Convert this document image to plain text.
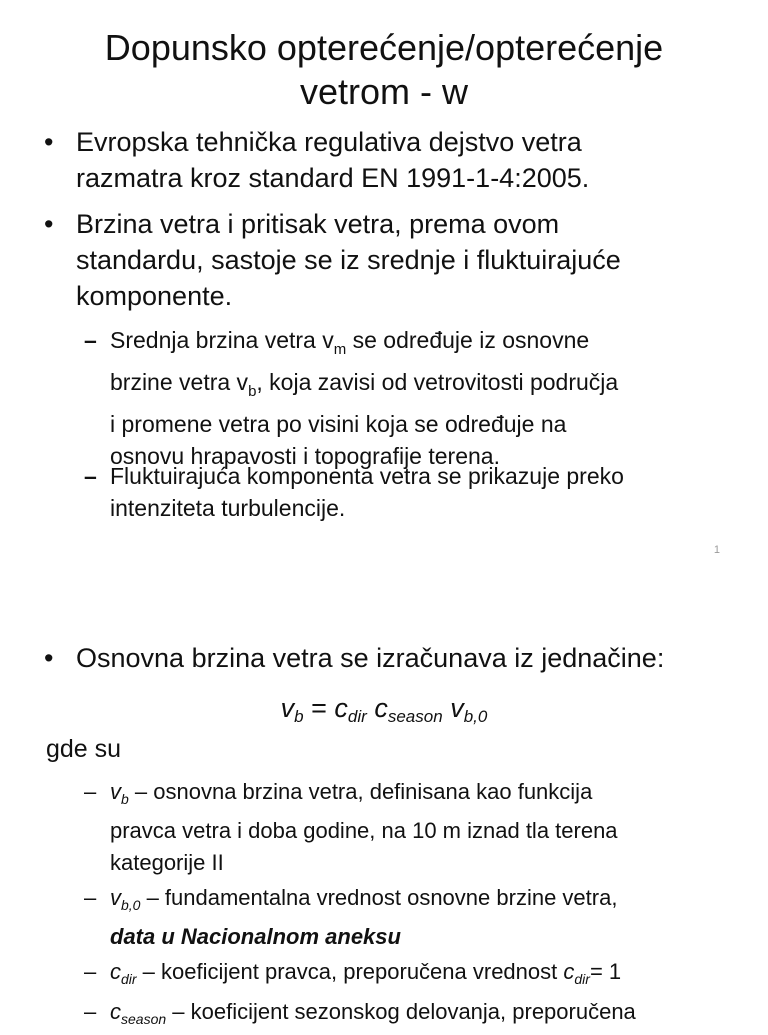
Dopunsko opterećenje/opterećenje
vetrom - w
• Evropska tehnička regulativa dejstvo vetra
razmatra kroz standard EN 1991-1-4:2005.
• Brzina vetra i pritisak vetra, prema ovom
standardu, sastoje se iz srednje i fluktuirajuće
komponente.
– Srednja brzina vetra $v_m$ se određuje iz osnovne
brzine vetra $v_b$, koja zavisi od vetrovitosti područja
i promene vetra po visini koja se određuje na
osnovu hrapavosti i topografije terena.
– Fluktuirajuća komponenta vetra se prikazuje preko
intenziteta turbulencije.
1
• Osnovna brzina vetra se izračunava iz jednačine:
$v_b = c_{dir}$ $c_{season}$ $v_{b,0}$
gde su
– $v_b$ – osnovna brzina vetra, definisana kao funkcija
pravca vetra i doba godine, na 10 m iznad tla terena
kategorije II
– $v_{b,0}$ – fundamentalna vrednost osnovne brzine vetra,
data u Nacionalnom aneksu
– $c_{dir}$ – koeficijent pravca, preporučena vrednost $c_{dir}= 1$
– $c_{season}$ – koeficijent sezonskog delovanja, preporučena
